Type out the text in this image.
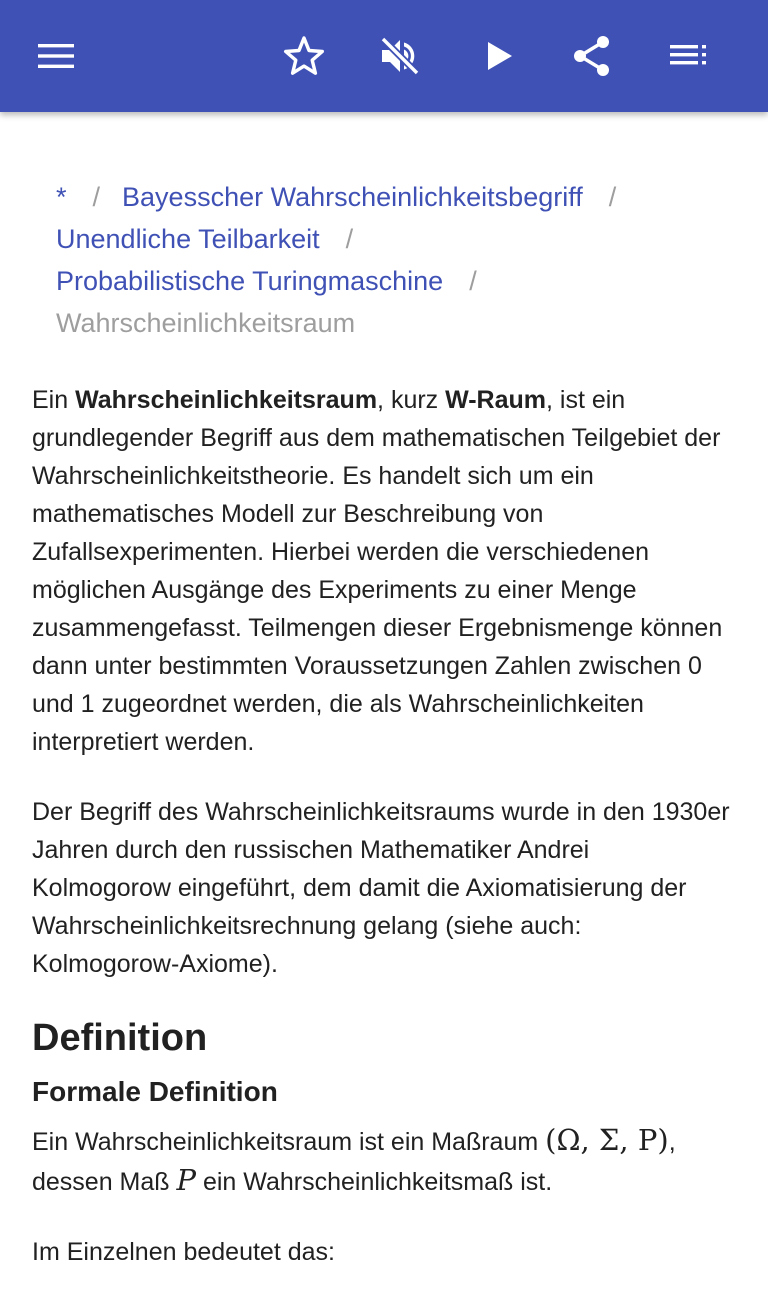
* / Bayesscher Wahrscheinlichkeitsbegriff /
Unendliche Teilbarkeit /
Probabilistische Turingmaschine /
Wahrscheinlichkeitsraum

Ein Wahrscheinlichkeitsraum, kurz W-Raum, ist ein grundlegender Begriff aus dem mathematischen Teilgebiet der Wahrscheinlichkeitstheorie. Es handelt sich um ein mathematisches Modell zur Beschreibung von Zufallsexperimenten. Hierbei werden die verschiedenen möglichen Ausgänge des Experiments zu einer Menge zusammengefasst. Teilmengen dieser Ergebnismenge können dann unter bestimmten Voraussetzungen Zahlen zwischen 0 und 1 zugeordnet werden, die als Wahrscheinlichkeiten interpretiert werden.

Der Begriff des Wahrscheinlichkeitsraums wurde in den 1930er Jahren durch den russischen Mathematiker Andrei Kolmogorow eingeführt, dem damit die Axiomatisierung der Wahrscheinlichkeitsrechnung gelang (siehe auch: Kolmogorow-Axiome).

Definition
Formale Definition

Ein Wahrscheinlichkeitsraum ist ein Maßraum (Ω, Σ, P), dessen Maß P ein Wahrscheinlichkeitsmaß ist.

Im Einzelnen bedeutet das:
